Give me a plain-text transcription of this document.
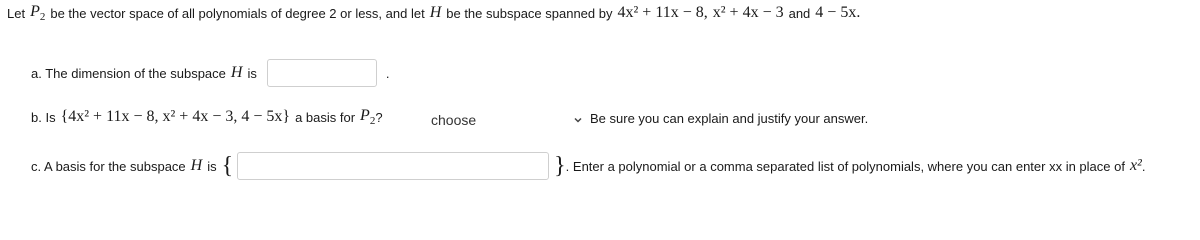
Let $P_2$ be the vector space of all polynomials of degree 2 or less, and let H be the subspace spanned by 4x² + 11x − 8, x² + 4x − 3 and 4 − 5x.
a. The dimension of the subspace H is	.
b. Is {4x² + 11x − 8, x² + 4x − 3, 4 − 5x} a basis for $P_2$ ?	choose	Be sure you can explain and justify your answer.
c. A basis for the subspace H is {	} . Enter a polynomial or a comma separated list of polynomials, where you can enter xx in place of x² .
